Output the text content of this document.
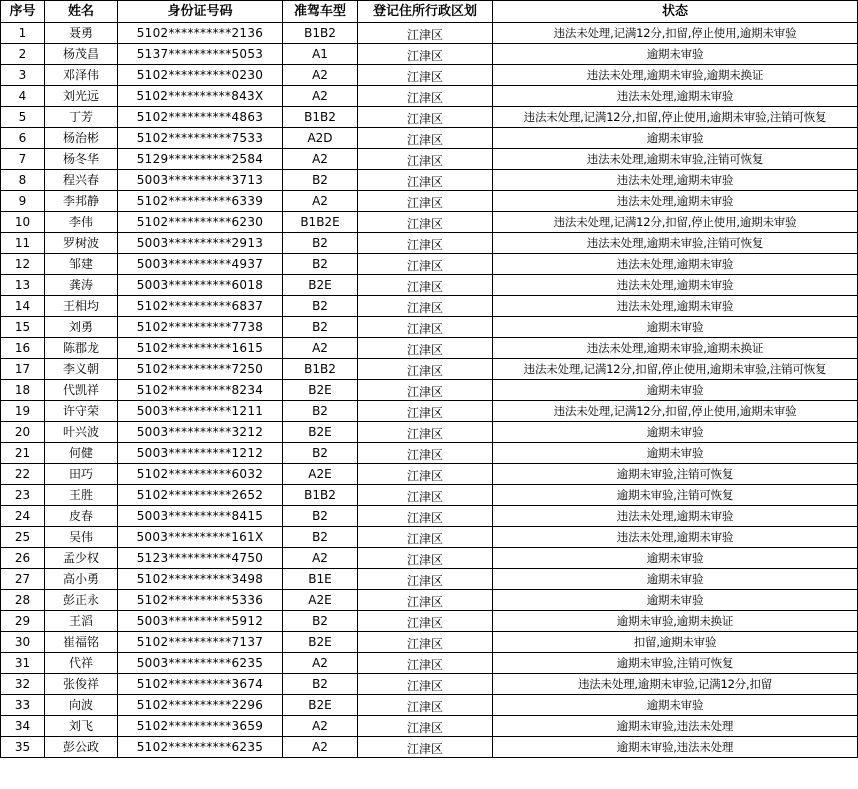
序号	姓名	身份证号码	准驾车型	登记住所行政区划	状态
1	聂勇	5102**********2136	B1B2	江津区	违法未处理,记满12分,扣留,停止使用,逾期未审验
2	杨茂昌	5137**********5053	A1	江津区	逾期未审验
3	邓泽伟	5102**********0230	A2	江津区	违法未处理,逾期未审验,逾期未换证
4	刘光远	5102**********843X	A2	江津区	违法未处理,逾期未审验
5	丁芳	5102**********4863	B1B2	江津区	违法未处理,记满12分,扣留,停止使用,逾期未审验,注销可恢复
6	杨治彬	5102**********7533	A2D	江津区	逾期未审验
7	杨冬华	5129**********2584	A2	江津区	违法未处理,逾期未审验,注销可恢复
8	程兴春	5003**********3713	B2	江津区	违法未处理,逾期未审验
9	李邦静	5102**********6339	A2	江津区	违法未处理,逾期未审验
10	李伟	5102**********6230	B1B2E	江津区	违法未处理,记满12分,扣留,停止使用,逾期未审验
11	罗树波	5003**********2913	B2	江津区	违法未处理,逾期未审验,注销可恢复
12	邹建	5003**********4937	B2	江津区	违法未处理,逾期未审验
13	龚涛	5003**********6018	B2E	江津区	违法未处理,逾期未审验
14	王相均	5102**********6837	B2	江津区	违法未处理,逾期未审验
15	刘勇	5102**********7738	B2	江津区	逾期未审验
16	陈郡龙	5102**********1615	A2	江津区	违法未处理,逾期未审验,逾期未换证
17	李义朝	5102**********7250	B1B2	江津区	违法未处理,记满12分,扣留,停止使用,逾期未审验,注销可恢复
18	代凯祥	5102**********8234	B2E	江津区	逾期未审验
19	许守荣	5003**********1211	B2	江津区	违法未处理,记满12分,扣留,停止使用,逾期未审验
20	叶兴波	5003**********3212	B2E	江津区	逾期未审验
21	何健	5003**********1212	B2	江津区	逾期未审验
22	田巧	5102**********6032	A2E	江津区	逾期未审验,注销可恢复
23	王胜	5102**********2652	B1B2	江津区	逾期未审验,注销可恢复
24	皮春	5003**********8415	B2	江津区	违法未处理,逾期未审验
25	吴伟	5003**********161X	B2	江津区	违法未处理,逾期未审验
26	孟少权	5123**********4750	A2	江津区	逾期未审验
27	高小勇	5102**********3498	B1E	江津区	逾期未审验
28	彭正永	5102**********5336	A2E	江津区	逾期未审验
29	王滔	5003**********5912	B2	江津区	逾期未审验,逾期未换证
30	崔福铭	5102**********7137	B2E	江津区	扣留,逾期未审验
31	代祥	5003**********6235	A2	江津区	逾期未审验,注销可恢复
32	张俊祥	5102**********3674	B2	江津区	违法未处理,逾期未审验,记满12分,扣留
33	向波	5102**********2296	B2E	江津区	逾期未审验
34	刘飞	5102**********3659	A2	江津区	逾期未审验,违法未处理
35	彭公政	5102**********6235	A2	江津区	逾期未审验,违法未处理
